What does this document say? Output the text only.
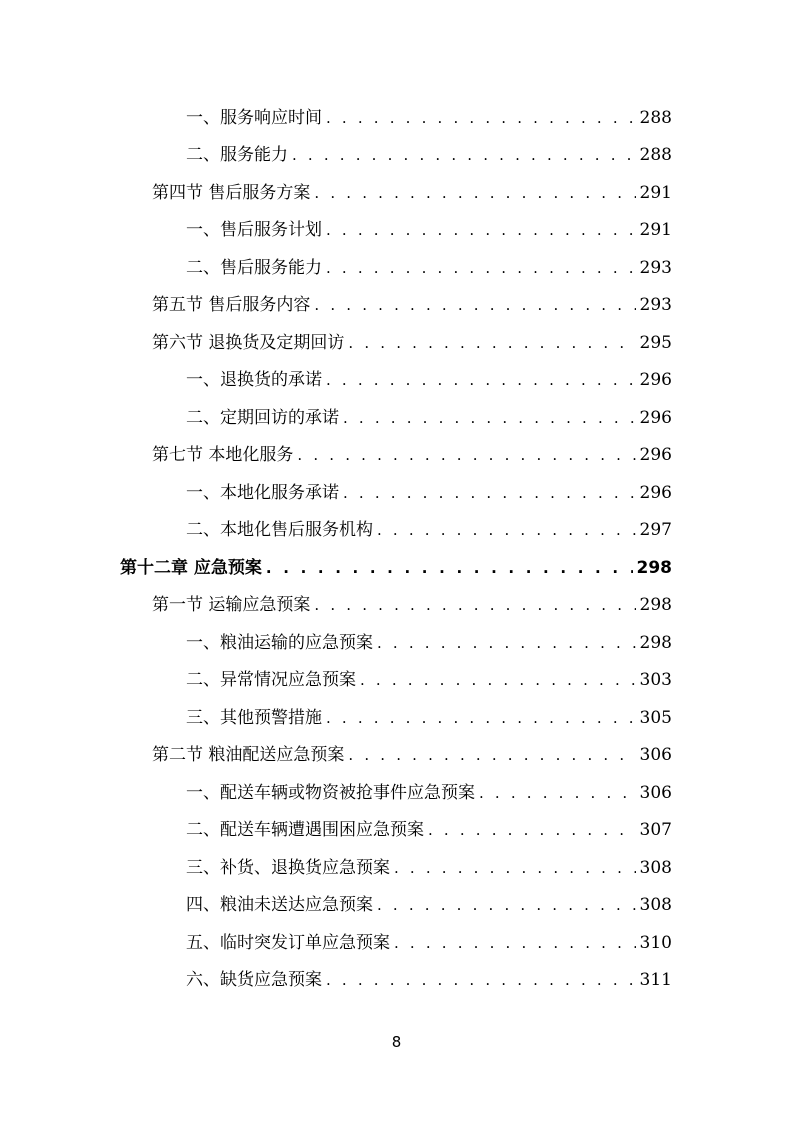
一、服务响应时间 . . .	288
二、服务能力 . . .	288
第四节 售后服务方案 . . .	291
一、售后服务计划 . . .	291
二、售后服务能力 . . .	293
第五节 售后服务内容 . . .	293
第六节 退换货及定期回访 . . .	295
一、退换货的承诺 . . .	296
二、定期回访的承诺 . . .	296
第七节 本地化服务 . . .	296
一、本地化服务承诺 . . .	296
二、本地化售后服务机构 . . .	297
第十二章 应急预案 . . .	298
第一节 运输应急预案 . . .	298
一、粮油运输的应急预案 . . .	298
二、异常情况应急预案 . . .	303
三、其他预警措施 . . .	305
第二节 粮油配送应急预案 . . .	306
一、配送车辆或物资被抢事件应急预案 . . .	306
二、配送车辆遭遇围困应急预案 . . .	307
三、补货、退换货应急预案 . . .	308
四、粮油未送达应急预案 . . .	308
五、临时突发订单应急预案 . . .	310
六、缺货应急预案 . . .	311
8
